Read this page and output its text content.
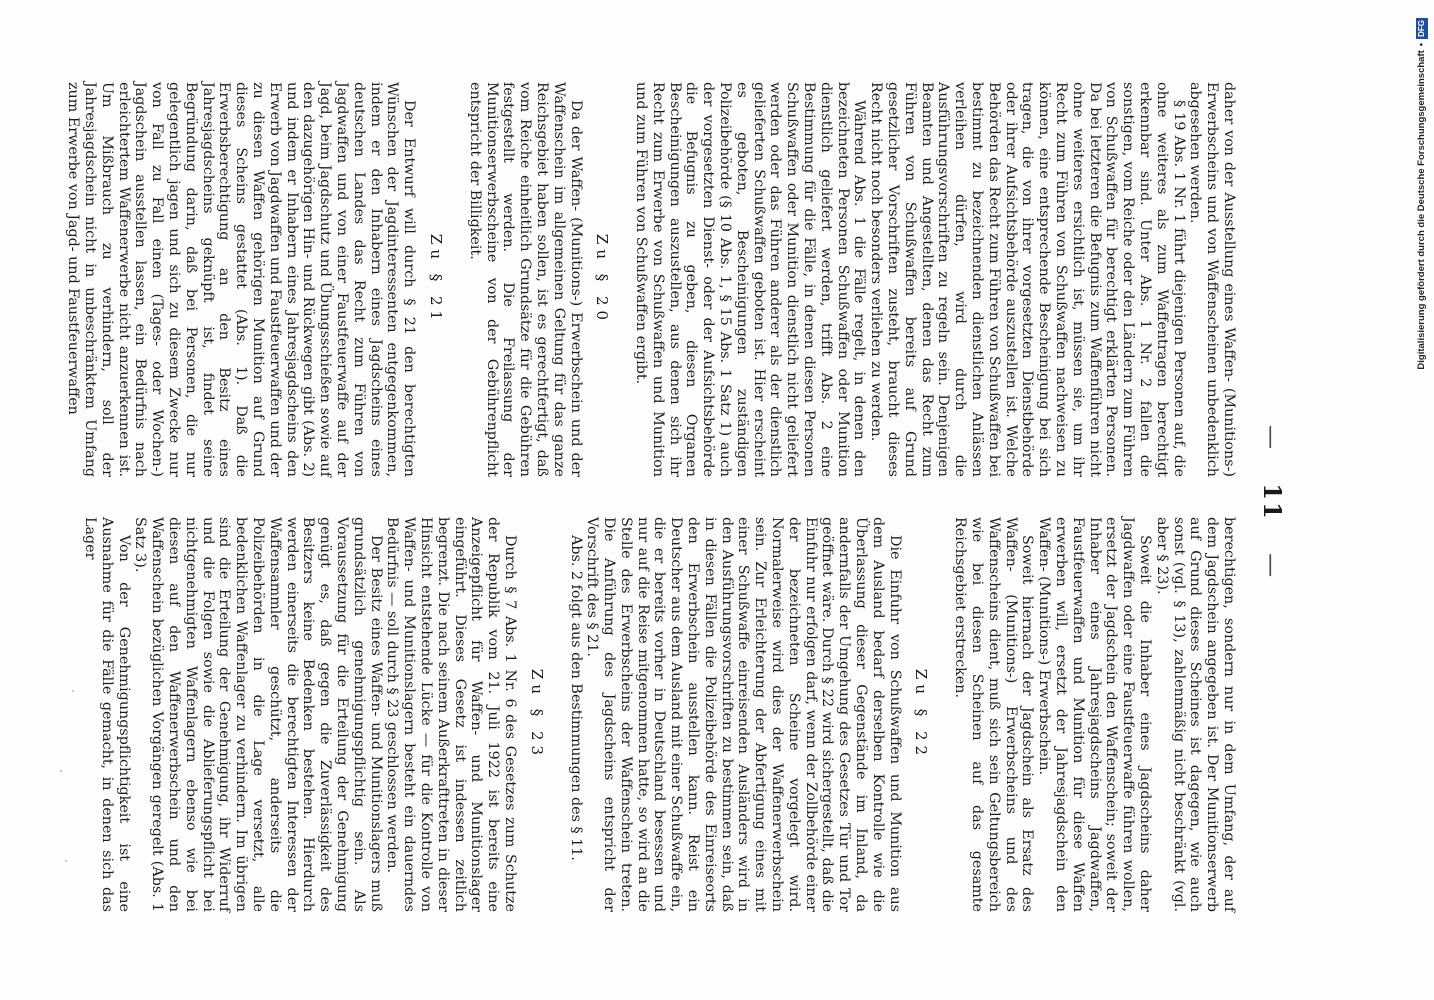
— 11 —

daher von der Ausstellung eines Waffen- (Munitions-) Erwerbscheins und von Waffenscheinen unbedenklich abgesehen werden.

§ 19 Abs. 1 Nr. 1 führt diejenigen Personen auf, die ohne weiteres als zum Waffentragen berechtigt erkennbar sind. Unter Abs. 1 Nr. 2 fallen die sonstigen, vom Reiche oder den Ländern zum Führen von Schußwaffen für berechtigt erklärten Personen. Da bei letzteren die Befugnis zum Waffenführen nicht ohne weiteres ersichtlich ist, müssen sie, um ihr Recht zum Führen von Schußwaffen nachweisen zu können, eine entsprechende Bescheinigung bei sich tragen, die von ihrer vorgesetzten Dienstbehörde oder ihrer Aufsichtsbehörde auszustellen ist. Welche Behörden das Recht zum Führen von Schußwaffen bei bestimmt zu bezeichnenden dienstlichen Anlässen verleihen dürfen, wird durch die Ausführungsvorschriften zu regeln sein. Denjenigen Beamten und Angestellten, denen das Recht zum Führen von Schußwaffen bereits auf Grund gesetzlicher Vorschriften zusteht, braucht dieses Recht nicht noch besonders verliehen zu werden.

Während Abs. 1 die Fälle regelt, in denen den bezeichneten Personen Schußwaffen oder Munition dienstlich geliefert werden, trifft Abs. 2 eine Bestimmung für die Fälle, in denen diesen Personen Schußwaffen oder Munition dienstlich nicht geliefert werden oder das Führen anderer als der dienstlich gelieferten Schußwaffen geboten ist. Hier erscheint es geboten, Bescheinigungen zuständigen Polizeibehörde (§ 10 Abs. 1, § 15 Abs. 1 Satz 1) auch der vorgesetzten Dienst- oder der Aufsichtsbehörde die Befugnis zu geben, diesen Organen Bescheinigungen auszustellen, aus denen sich ihr Recht zum Erwerbe von Schußwaffen und Munition und zum Führen von Schußwaffen ergibt.

Zu § 20

Da der Waffen- (Munitions-) Erwerbschein und der Waffenschein im allgemeinen Geltung für das ganze Reichsgebiet haben sollen, ist es gerechtfertigt, daß vom Reiche einheitlich Grundsätze für die Gebühren festgestellt werden. Die Freilassung der Munitionserwerbscheine von der Gebührenpflicht entspricht der Billigkeit.

Zu § 21

Der Entwurf will durch § 21 den berechtigten Wünschen der Jagdinteressenten entgegenkommen, indem er den Inhabern eines Jagdscheins eines deutschen Landes das Recht zum Führen von Jagdwaffen und von einer Faustfeuerwaffe auf der Jagd, beim Jagdschutz und Übungsschießen sowie auf den dazugehörigen Hin- und Rückwegen gibt (Abs. 2) und indem er Inhabern eines Jahresjagdscheins den Erwerb von Jagdwaffen und Faustfeuerwaffen und der zu diesen Waffen gehörigen Munition auf Grund dieses Scheins gestattet (Abs. 1). Daß die Erwerbsberechtigung an den Besitz eines Jahresjagdscheins geknüpft ist, findet seine Begründung darin, daß bei Personen, die nur gelegentlich jagen und sich zu diesem Zwecke nur von Fall zu Fall einen (Tages- oder Wochen-) Jagdschein ausstellen lassen, ein Bedürfnis nach erleichtertem Waffenerwerbe nicht anzuerkennen ist. Um Mißbrauch zu verhindern, soll der Jahresjagdschein nicht in unbeschränktem Umfang zum Erwerbe von Jagd- und Faustfeuerwaffen

berechtigen, sondern nur in dem Umfang, der auf dem Jagdschein angegeben ist. Der Munitionserwerb auf Grund dieses Scheines ist dagegen, wie auch sonst (vgl. § 13), zahlenmäßig nicht beschränkt (vgl. aber § 23).

Soweit die Inhaber eines Jagdscheins daher Jagdwaffen oder eine Faustfeuerwaffe führen wollen, ersetzt der Jagdschein den Waffenschein; soweit der Inhaber eines Jahresjagdscheins Jagdwaffen, Faustfeuerwaffen und Munition für diese Waffen erwerben will, ersetzt der Jahresjagdschein den Waffen- (Munitions-) Erwerbschein.

Soweit hiernach der Jagdschein als Ersatz des Waffen- (Munitions-) Erwerbscheins und des Waffenscheins dient, muß sich sein Geltungsbereich wie bei diesen Scheinen auf das gesamte Reichsgebiet erstrecken.

Zu § 22

Die Einfuhr von Schußwaffen und Munition aus dem Ausland bedarf derselben Kontrolle wie die Überlassung dieser Gegenstände im Inland, da andernfalls der Umgehung des Gesetzes Tür und Tor geöffnet wäre. Durch § 22 wird sichergestellt, daß die Einfuhr nur erfolgen darf, wenn der Zollbehörde einer der bezeichneten Scheine vorgelegt wird. Normalerweise wird dies der Waffenerwerbschein sein. Zur Erleichterung der Abfertigung eines mit einer Schußwaffe einreisenden Ausländers wird in den Ausführungsvorschriften zu bestimmen sein, daß in diesen Fällen die Polizeibehörde des Einreiseorts den Erwerbschein ausstellen kann. Reist ein Deutscher aus dem Ausland mit einer Schußwaffe ein, die er bereits vorher in Deutschland besessen und nur auf die Reise mitgenommen hatte, so wird an die Stelle des Erwerbscheins der Waffenschein treten. Die Anführung des Jagdscheins entspricht der Vorschrift des § 21.

Abs. 2 folgt aus den Bestimmungen des § 11.

Zu § 23

Durch § 7 Abs. 1 Nr. 6 des Gesetzes zum Schutze der Republik vom 21. Juli 1922 ist bereits eine Anzeigepflicht für Waffen- und Munitionslager eingeführt. Dieses Gesetz ist indessen zeitlich begrenzt. Die nach seinem Außerkrafttreten in dieser Hinsicht entstehende Lücke — für die Kontrolle von Waffen- und Munitionslagern besteht ein dauerndes Bedürfnis — soll durch § 23 geschlossen werden.

Der Besitz eines Waffen- und Munitionslagers muß grundsätzlich genehmigungspflichtig sein. Als Voraussetzung für die Erteilung der Genehmigung genügt es, daß gegen die Zuverlässigkeit des Besitzers keine Bedenken bestehen. Hierdurch werden einerseits die berechtigten Interessen der Waffensammler geschützt, anderseits die Polizeibehörden in die Lage versetzt, alle bedenklichen Waffenlager zu verhindern. Im übrigen sind die Erteilung der Genehmigung, ihr Widerruf und die Folgen sowie die Ablieferungspflicht bei nichtgenehmigten Waffenlagern ebenso wie bei diesen auf den Waffenerwerbschein und den Waffenschein bezüglichen Vorgängen geregelt (Abs. 1 Satz 3).

Von der Genehmigungspflichtigkeit ist eine Ausnahme für die Fälle gemacht, in denen sich das Lager

Digitalisierung gefördert durch die Deutsche Forschungsgemeinschaft
•
DFG
